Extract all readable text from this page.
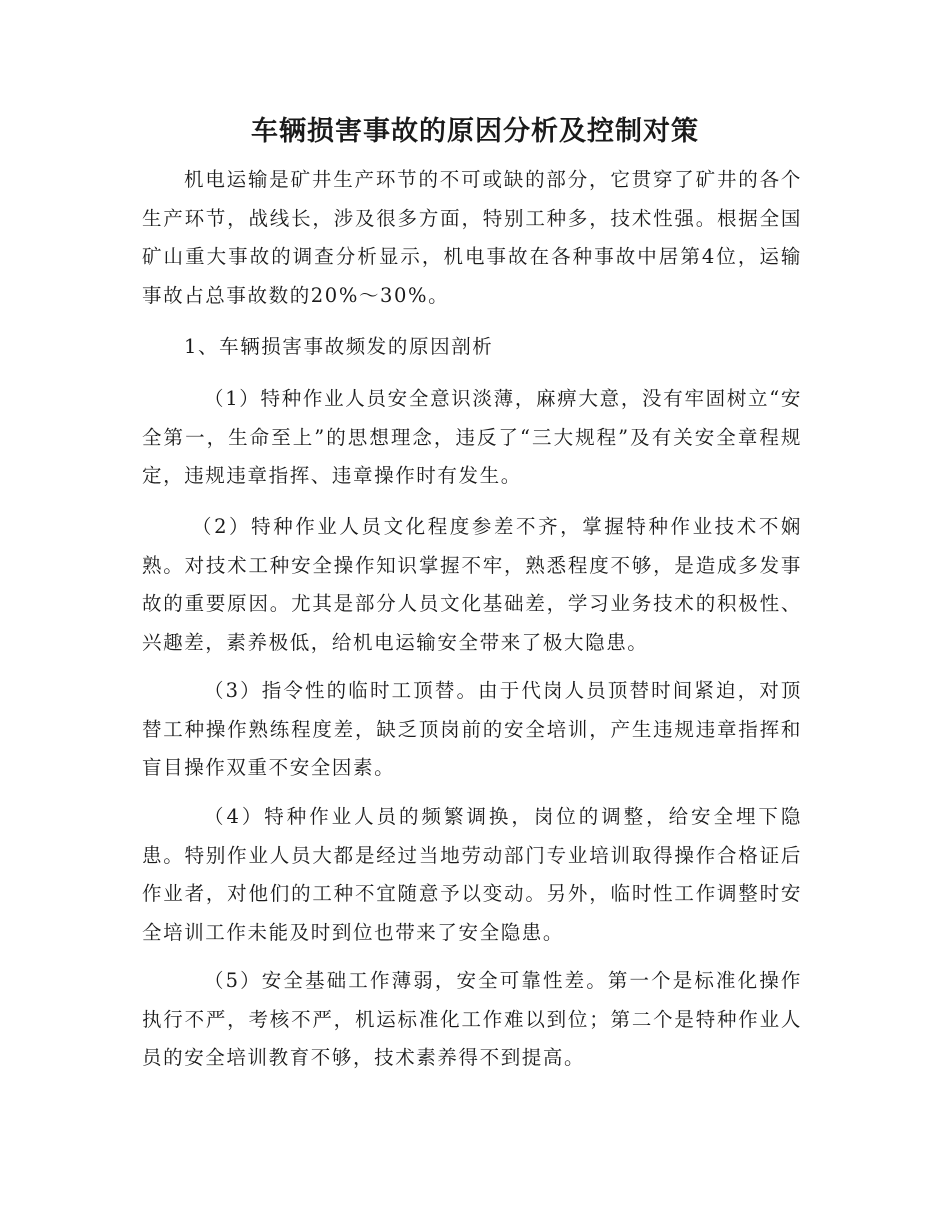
车辆损害事故的原因分析及控制对策

机电运输是矿井生产环节的不可或缺的部分，它贯穿了矿井的各个生产环节，战线长，涉及很多方面，特别工种多，技术性强。根据全国矿山重大事故的调查分析显示，机电事故在各种事故中居第4位，运输事故占总事故数的20%～30%。

1、车辆损害事故频发的原因剖析

（1）特种作业人员安全意识淡薄，麻痹大意，没有牢固树立“安全第一，生命至上”的思想理念，违反了“三大规程”及有关安全章程规定，违规违章指挥、违章操作时有发生。

（2）特种作业人员文化程度参差不齐，掌握特种作业技术不娴熟。对技术工种安全操作知识掌握不牢，熟悉程度不够，是造成多发事故的重要原因。尤其是部分人员文化基础差，学习业务技术的积极性、兴趣差，素养极低，给机电运输安全带来了极大隐患。

（3）指令性的临时工顶替。由于代岗人员顶替时间紧迫，对顶替工种操作熟练程度差，缺乏顶岗前的安全培训，产生违规违章指挥和盲目操作双重不安全因素。

（4）特种作业人员的频繁调换，岗位的调整，给安全埋下隐患。特别作业人员大都是经过当地劳动部门专业培训取得操作合格证后作业者，对他们的工种不宜随意予以变动。另外，临时性工作调整时安全培训工作未能及时到位也带来了安全隐患。

（5）安全基础工作薄弱，安全可靠性差。第一个是标准化操作执行不严，考核不严，机运标准化工作难以到位；第二个是特种作业人员的安全培训教育不够，技术素养得不到提高。
